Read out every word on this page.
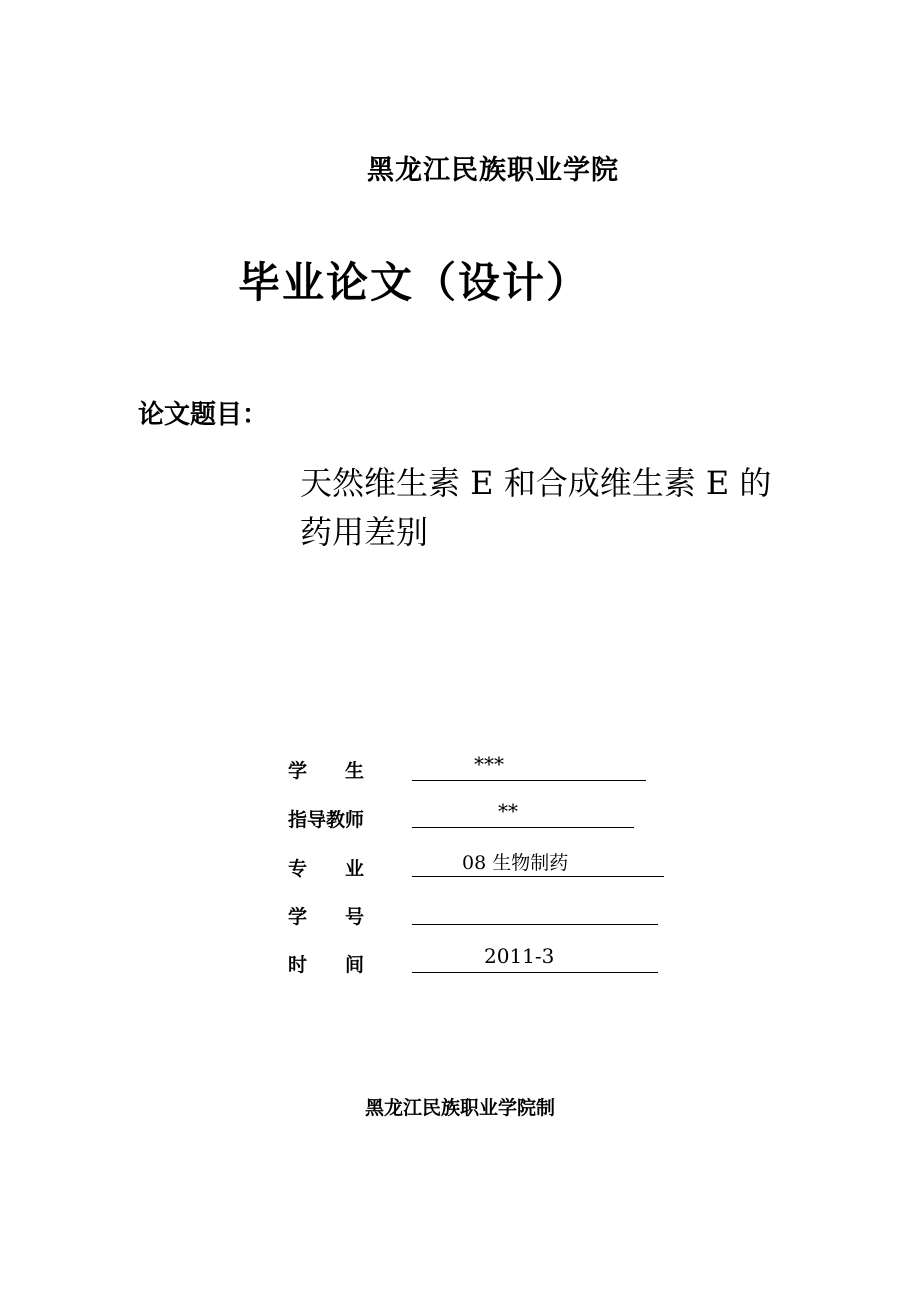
黑龙江民族职业学院
毕业论文（设计）
论文题目：
天然维生素 E 和合成维生素 E 的
药用差别
学　　生	***
指导教师	**
专　　业	08 生物制药
学　　号
时　　间	2011-3
黑龙江民族职业学院制
